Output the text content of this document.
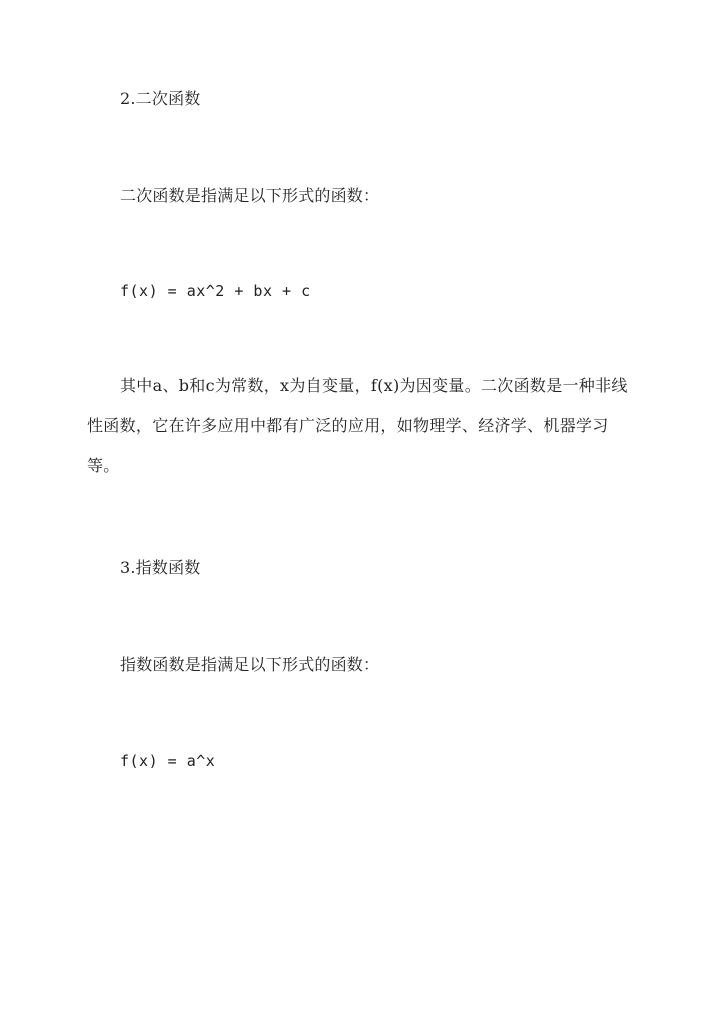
2.二次函数
二次函数是指满足以下形式的函数：
f(x) = ax^2 + bx + c
其中a、b和c为常数，x为自变量，f(x)为因变量。二次函数是一种非线性函数，它在许多应用中都有广泛的应用，如物理学、经济学、机器学习等。
3.指数函数
指数函数是指满足以下形式的函数：
f(x) = a^x
